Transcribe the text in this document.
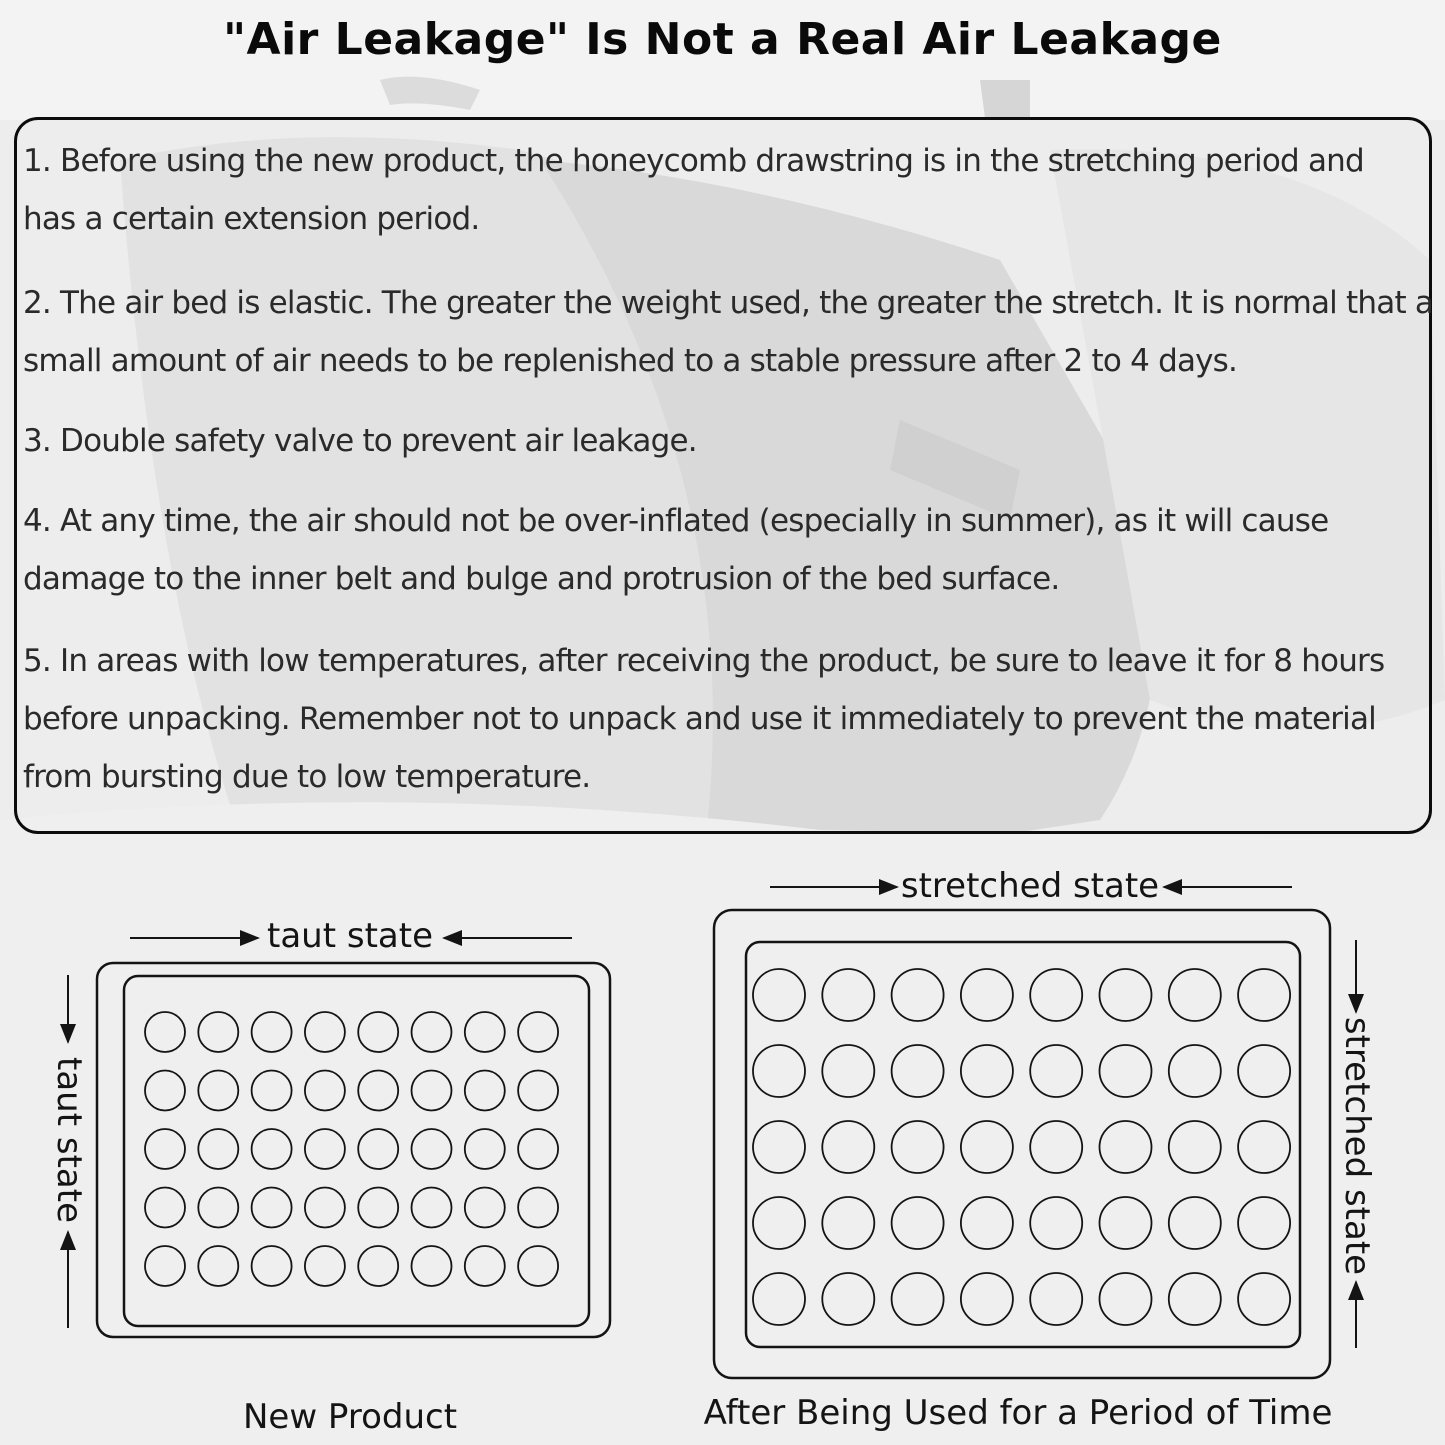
"Air Leakage" Is Not a Real Air Leakage
1. Before using the new product, the honeycomb drawstring is in the stretching period and
has a certain extension period.
2. The air bed is elastic. The greater the weight used, the greater the stretch. It is normal that a
small amount of air needs to be replenished to a stable pressure after 2 to 4 days.
3. Double safety valve to prevent air leakage.
4. At any time, the air should not be over-inflated (especially in summer), as it will cause
damage to the inner belt and bulge and protrusion of the bed surface.
5. In areas with low temperatures, after receiving the product, be sure to leave it for 8 hours
before unpacking. Remember not to unpack and use it immediately to prevent the material
from bursting due to low temperature.
taut state
taut state
New Product
stretched state
stretched state
After Being Used for a Period of Time
